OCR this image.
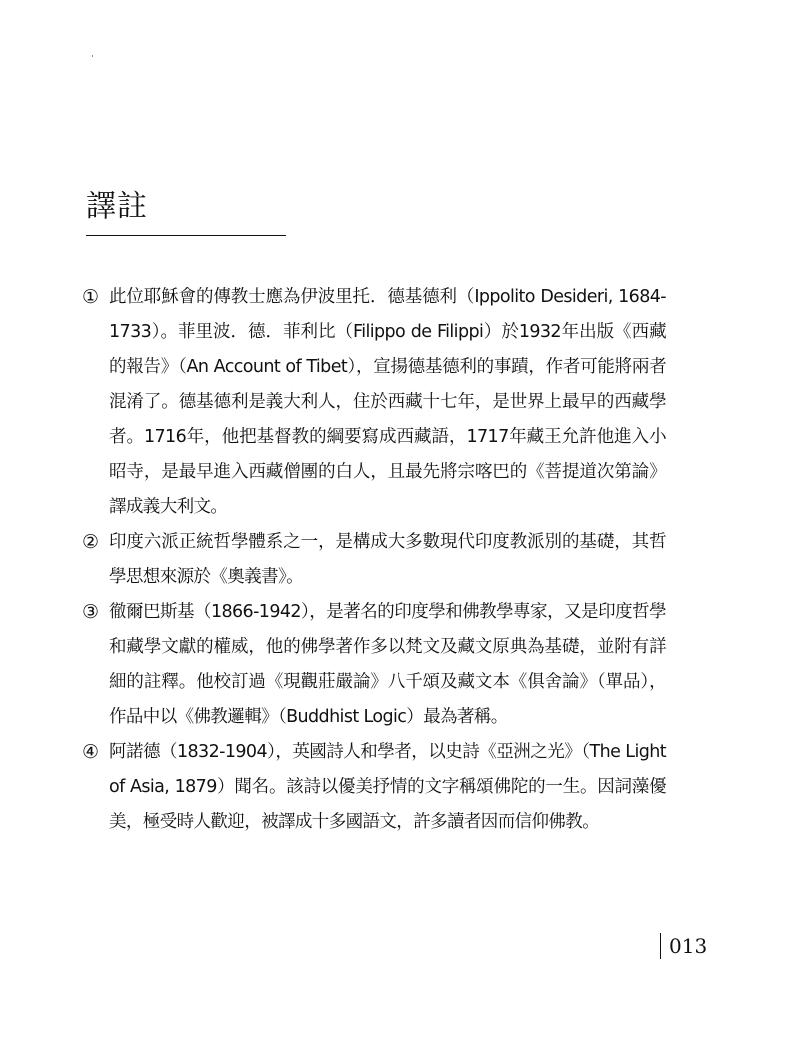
譯註
① 此位耶穌會的傳教士應為伊波里托．德基德利（Ippolito Desideri, 1684-1733）。菲里波．德．菲利比（Filippo de Filippi）於1932年出版《西藏的報告》（An Account of Tibet），宣揚德基德利的事蹟，作者可能將兩者混淆了。德基德利是義大利人，住於西藏十七年，是世界上最早的西藏學者。1716年，他把基督教的綱要寫成西藏語，1717年藏王允許他進入小昭寺，是最早進入西藏僧團的白人，且最先將宗喀巴的《菩提道次第論》譯成義大利文。
② 印度六派正統哲學體系之一，是構成大多數現代印度教派別的基礎，其哲學思想來源於《奧義書》。
③ 徹爾巴斯基（1866-1942），是著名的印度學和佛教學專家，又是印度哲學和藏學文獻的權威，他的佛學著作多以梵文及藏文原典為基礎，並附有詳細的註釋。他校訂過《現觀莊嚴論》八千頌及藏文本《俱舍論》（單品），作品中以《佛教邏輯》（Buddhist Logic）最為著稱。
④ 阿諾德（1832-1904），英國詩人和學者，以史詩《亞洲之光》（The Light of Asia, 1879）聞名。該詩以優美抒情的文字稱頌佛陀的一生。因詞藻優美，極受時人歡迎，被譯成十多國語文，許多讀者因而信仰佛教。
013
